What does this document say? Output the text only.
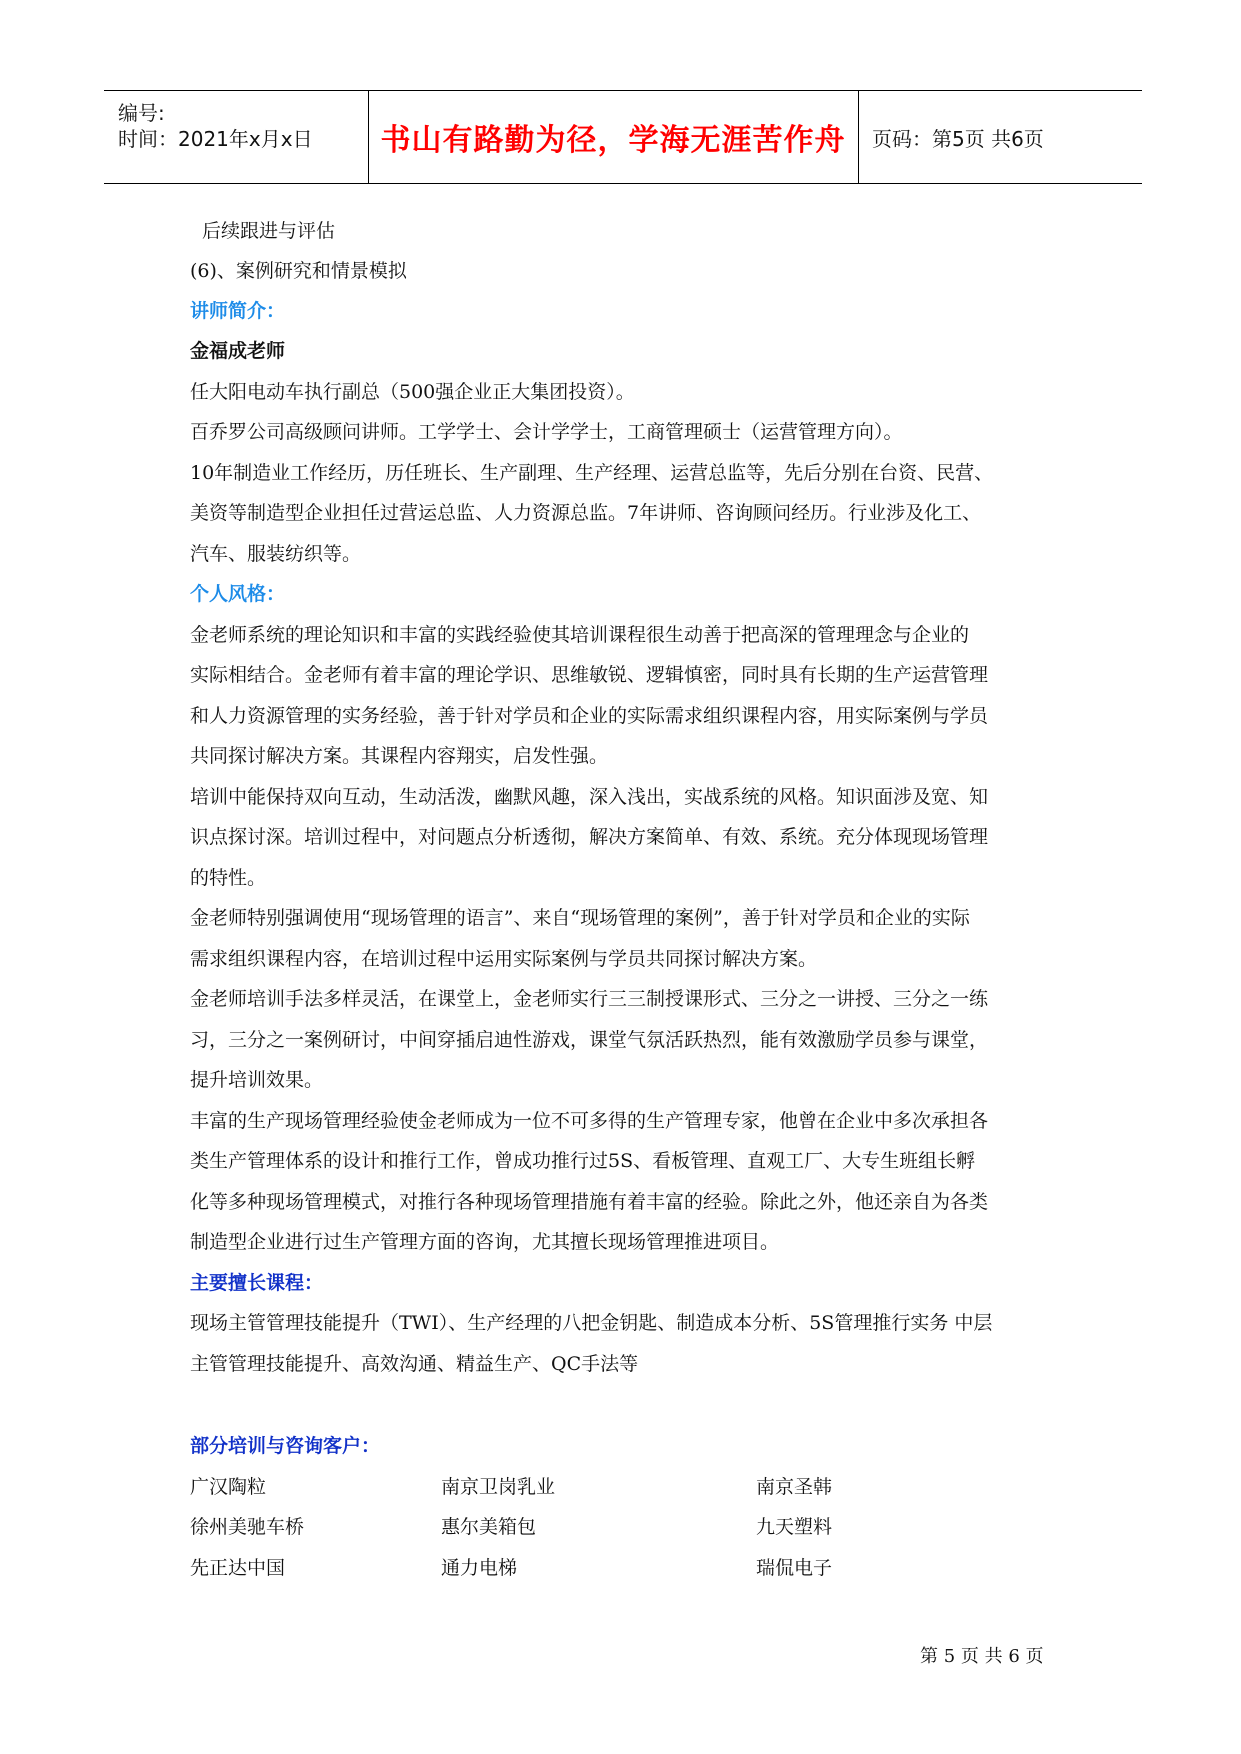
编号:
时间：2021年x月x日	书山有路勤为径，学海无涯苦作舟	页码：第5页 共6页
后续跟进与评估
(6)、案例研究和情景模拟
讲师简介：
金福成老师
任大阳电动车执行副总（500强企业正大集团投资）。
百乔罗公司高级顾问讲师。工学学士、会计学学士，工商管理硕士（运营管理方向）。
10年制造业工作经历，历任班长、生产副理、生产经理、运营总监等，先后分别在台资、民营、
美资等制造型企业担任过营运总监、人力资源总监。7年讲师、咨询顾问经历。行业涉及化工、
汽车、服装纺织等。
个人风格：
金老师系统的理论知识和丰富的实践经验使其培训课程很生动善于把高深的管理理念与企业的
实际相结合。金老师有着丰富的理论学识、思维敏锐、逻辑慎密，同时具有长期的生产运营管理
和人力资源管理的实务经验，善于针对学员和企业的实际需求组织课程内容，用实际案例与学员
共同探讨解决方案。其课程内容翔实，启发性强。
培训中能保持双向互动，生动活泼，幽默风趣，深入浅出，实战系统的风格。知识面涉及宽、知
识点探讨深。培训过程中，对问题点分析透彻，解决方案简单、有效、系统。充分体现现场管理
的特性。
金老师特别强调使用“现场管理的语言”、来自“现场管理的案例”，善于针对学员和企业的实际
需求组织课程内容，在培训过程中运用实际案例与学员共同探讨解决方案。
金老师培训手法多样灵活，在课堂上，金老师实行三三制授课形式、三分之一讲授、三分之一练
习，三分之一案例研讨，中间穿插启迪性游戏，课堂气氛活跃热烈，能有效激励学员参与课堂，
提升培训效果。
丰富的生产现场管理经验使金老师成为一位不可多得的生产管理专家，他曾在企业中多次承担各
类生产管理体系的设计和推行工作，曾成功推行过5S、看板管理、直观工厂、大专生班组长孵
化等多种现场管理模式，对推行各种现场管理措施有着丰富的经验。除此之外，他还亲自为各类
制造型企业进行过生产管理方面的咨询，尤其擅长现场管理推进项目。
主要擅长课程：
现场主管管理技能提升（TWI）、生产经理的八把金钥匙、制造成本分析、5S管理推行实务 中层
主管管理技能提升、高效沟通、精益生产、QC手法等
部分培训与咨询客户：
广汉陶粒	南京卫岗乳业	南京圣韩
徐州美驰车桥	惠尔美箱包	九天塑料
先正达中国	通力电梯	瑞侃电子
第 5 页 共 6 页
